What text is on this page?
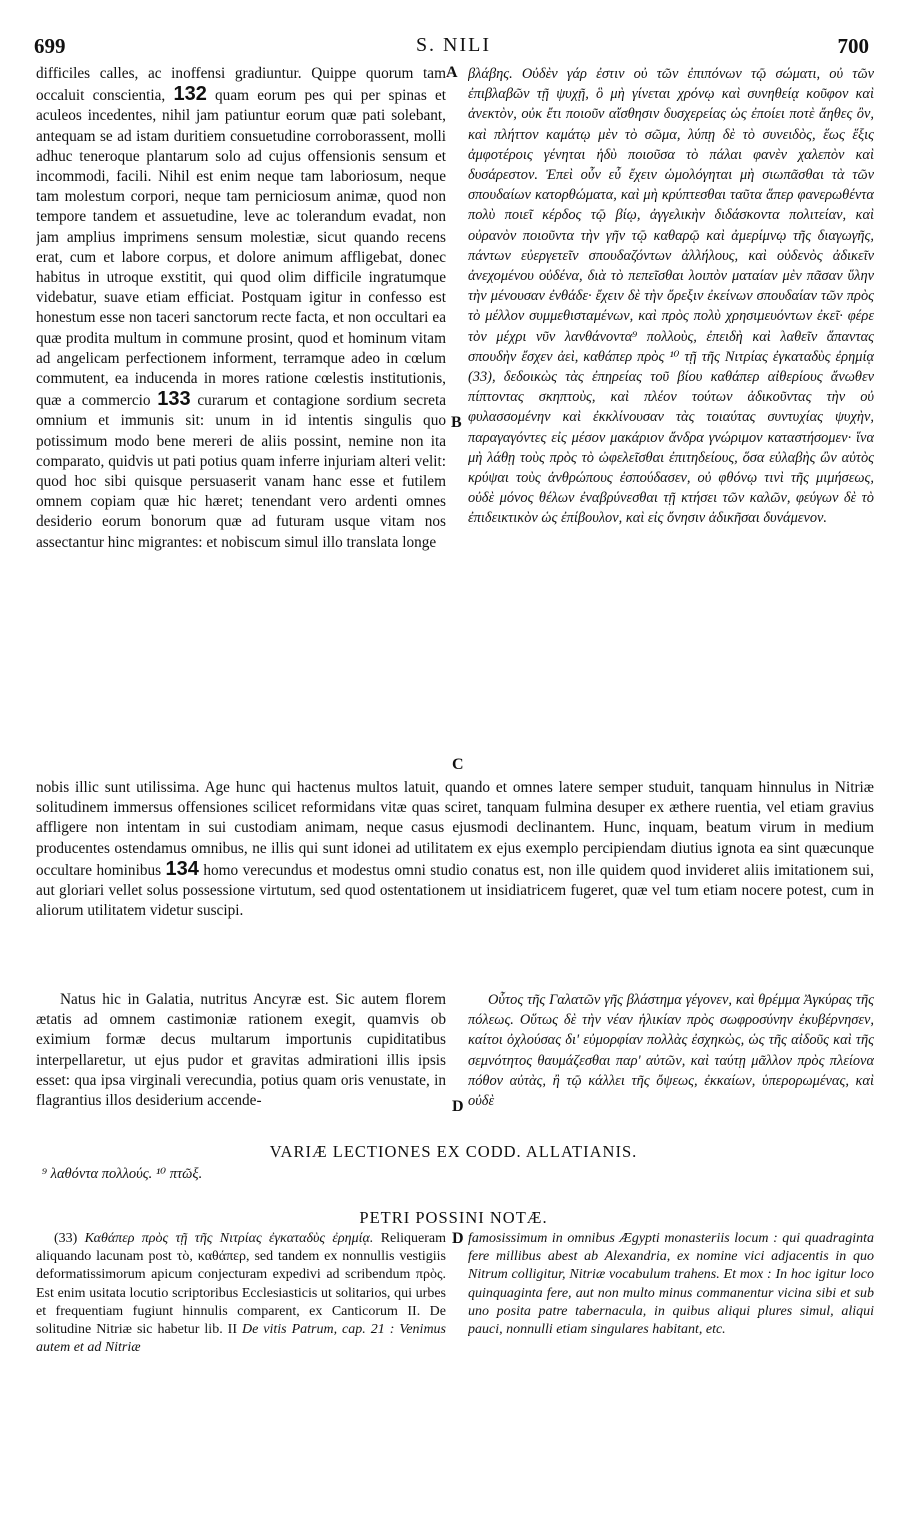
699	S. NILI	700

difficiles calles, ac inoffensi gradiuntur. Quippe quorum tam occaluit conscientia, 132 quam eorum pes qui per spinas et aculeos incedentes, nihil jam patiuntur eorum quæ pati solebant, antequam se ad istam duritiem consuetudine corroborassent, molli adhuc teneroque plantarum solo ad cujus offensionis sensum et incommodi, facili. Nihil est enim neque tam laboriosum, neque tam molestum corpori, neque tam perniciosum animæ, quod non tempore tandem et assuetudine, leve ac tolerandum evadat, non jam amplius imprimens sensum molestiæ, sicut quando recens erat, cum et labore corpus, et dolore animum affligebat, donec habitus in utroque exstitit, qui quod olim difficile ingratumque videbatur, suave etiam efficiat. Postquam igitur in confesso est honestum esse non taceri sanctorum recte facta, et non occultari ea quæ prodita multum in commune prosint, quod et hominum vitam ad angelicam perfectionem informent, terramque adeo in cœlum commutent, ea inducenda in mores ratione cœlestis institutionis, quæ a commercio 133 curarum et contagione sordium secreta omnium et immunis sit: unum in id intentis singulis quo potissimum modo bene mereri de aliis possint, nemine non ita comparato, quidvis ut pati potius quam inferre injuriam alteri velit: quod hoc sibi quisque persuaserit vanam hanc esse et futilem omnem copiam quæ hic hæret; tenendant vero ardenti omnes desiderio eorum bonorum quæ ad futuram usque vitam nos assectantur hinc migrantes: et nobiscum simul illo translata longe

A
B
C

βλάβης. Οὐδὲν γάρ ἐστιν οὐ τῶν ἐπιπόνων τῷ σώματι, οὐ τῶν ἐπιβλαβῶν τῇ ψυχῇ, ὃ μὴ γίνεται χρόνῳ καὶ συνηθείᾳ κοῦφον καὶ ἀνεκτὸν, οὐκ ἔτι ποιοῦν αἴσθησιν δυσχερείας ὡς ἐποίει ποτὲ ἄηθες ὂν, καὶ πλήττον καμάτῳ μὲν τὸ σῶμα, λύπῃ δὲ τὸ συνειδὸς, ἕως ἕξις ἀμφοτέροις γένηται ἡδὺ ποιοῦσα τὸ πάλαι φανὲν χαλεπὸν καὶ δυσάρεστον. Ἐπεὶ οὖν εὖ ἔχειν ὡμολόγηται μὴ σιωπᾶσθαι τὰ τῶν σπουδαίων κατορθώματα, καὶ μὴ κρύπτεσθαι ταῦτα ἅπερ φανερωθέντα πολὺ ποιεῖ κέρδος τῷ βίῳ, ἀγγελικὴν διδάσκοντα πολιτείαν, καὶ οὐρανὸν ποιοῦντα τὴν γῆν τῷ καθαρῷ καὶ ἀμερίμνῳ τῆς διαγωγῆς, πάντων εὐεργετεῖν σπουδαζόντων ἀλλήλους, καὶ οὐδενὸς ἀδικεῖν ἀνεχομένου οὐδένα, διὰ τὸ πεπεῖσθαι λοιπὸν ματαίαν μὲν πᾶσαν ὕλην τὴν μένουσαν ἐνθάδε· ἔχειν δὲ τὴν ὄρεξιν ἐκείνων σπουδαίαν τῶν πρὸς τὸ μέλλον συμμεθισταμένων, καὶ πρὸς πολὺ χρησιμευόντων ἐκεῖ· φέρε τὸν μέχρι νῦν λανθάνοντα⁹ πολλοὺς, ἐπειδὴ καὶ λαθεῖν ἅπαντας σπουδὴν ἔσχεν ἀεὶ, καθάπερ πρὸς ¹⁰ τῇ τῆς Νιτρίας ἐγκαταδὺς ἐρημίᾳ (33), δεδοικὼς τὰς ἐπηρείας τοῦ βίου καθάπερ αἰθερίους ἄνωθεν πίπτοντας σκηπτοὺς, καὶ πλέον τούτων ἀδικοῦντας τὴν οὐ φυλασσομένην καὶ ἐκκλίνουσαν τὰς τοιαύτας συντυχίας ψυχὴν, παραγαγόντες εἰς μέσον μακάριον ἄνδρα γνώριμον καταστήσομεν· ἵνα μὴ λάθῃ τοὺς πρὸς τὸ ὠφελεῖσθαι ἐπιτηδείους, ὅσα εὐλαβὴς ὢν αὐτὸς κρύψαι τοὺς ἀνθρώπους ἐσπούδασεν, οὐ φθόνῳ τινὶ τῆς μιμήσεως, οὐδὲ μόνος θέλων ἐναβρύνεσθαι τῇ κτήσει τῶν καλῶν, φεύγων δὲ τὸ ἐπιδεικτικὸν ὡς ἐπίβουλον, καὶ εἰς ὄνησιν ἀδικῆσαι δυνάμενον.

nobis illic sunt utilissima. Age hunc qui hactenus multos latuit, quando et omnes latere semper studuit, tanquam hinnulus in Nitriæ solitudinem immersus offensiones scilicet reformidans vitæ quas sciret, tanquam fulmina desuper ex æthere ruentia, vel etiam gravius affligere non intentam in sui custodiam animam, neque casus ejusmodi declinantem. Hunc, inquam, beatum virum in medium producentes ostendamus omnibus, ne illis qui sunt idonei ad utilitatem ex ejus exemplo percipiendam diutius ignota ea sint quæcunque occultare hominibus 134 homo verecundus et modestus omni studio conatus est, non ille quidem quod invideret aliis imitationem sui, aut gloriari vellet solus possessione virtutum, sed quod ostentationem ut insidiatricem fugeret, quæ vel tum etiam nocere potest, cum in aliorum utilitatem videtur suscipi.

Natus hic in Galatia, nutritus Ancyræ est. Sic autem florem ætatis ad omnem castimoniæ rationem exegit, quamvis ob eximium formæ decus multarum importunis cupiditatibus interpellaretur, ut ejus pudor et gravitas admirationi illis ipsis esset: qua ipsa virginali verecundia, potius quam oris venustate, in flagrantius illos desiderium accende-	D

Οὗτος τῆς Γαλατῶν γῆς βλάστημα γέγονεν, καὶ θρέμμα Ἀγκύρας τῆς πόλεως. Οὕτως δὲ τὴν νέαν ἡλικίαν πρὸς σωφροσύνην ἐκυβέρνησεν, καίτοι ὀχλούσας δι' εὐμορφίαν πολλὰς ἐσχηκὼς, ὡς τῆς αἰδοῦς καὶ τῆς σεμνότητος θαυμάζεσθαι παρ' αὐτῶν, καὶ ταύτῃ μᾶλλον πρὸς πλείονα πόθον αὐτὰς, ἢ τῷ κάλλει τῆς ὄψεως, ἐκκαίων, ὑπερορωμένας, καὶ οὐδὲ

VARIÆ LECTIONES EX CODD. ALLATIANIS.
⁹ λαθόντα πολλούς. ¹⁰ πτῶξ.
PETRI POSSINI NOTÆ.

(33) Καθάπερ πρὸς τῇ τῆς Νιτρίας ἐγκαταδὺς ἐρημίᾳ. Reliqueram aliquando lacunam post τὸ, καθάπερ, sed tandem ex nonnullis vestigiis deformatissimorum apicum conjecturam expedivi ad scribendum πρὸς. Est enim usitata locutio scriptoribus Ecclesiasticis ut solitarios, qui urbes et frequentiam fugiunt hinnulis comparent, ex Canticorum II. De solitudine Nitriæ sic habetur lib. II De vitis Patrum, cap. 21 : Venimus autem et ad Nitriæ

D famosissimum in omnibus Ægypti monasteriis locum : qui quadraginta fere millibus abest ab Alexandria, ex nomine vici adjacentis in quo Nitrum colligitur, Nitriæ vocabulum trahens. Et mox : In hoc igitur loco quinquaginta fere, aut non multo minus commanentur vicina sibi et sub uno posita patre tabernacula, in quibus aliqui plures simul, aliqui pauci, nonnulli etiam singulares habitant, etc.
